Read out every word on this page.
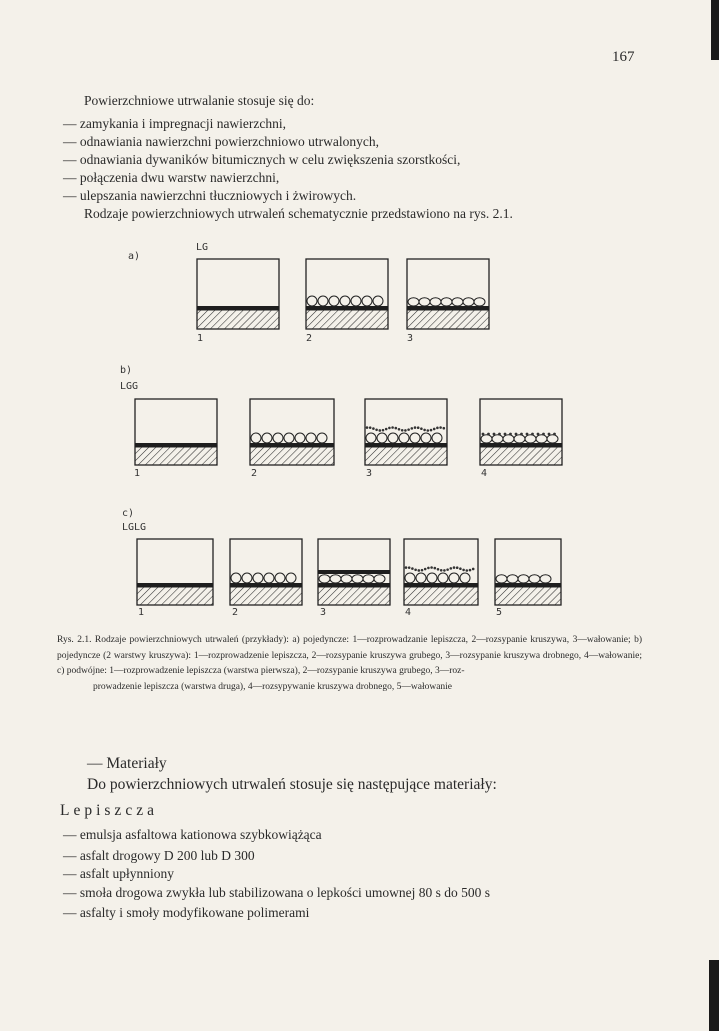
167
Powierzchniowe utrwalanie stosuje się do:
— zamykania i impregnacji nawierzchni,
— odnawiania nawierzchni powierzchniowo utrwalonych,
— odnawiania dywaników bitumicznych w celu zwiększenia szorstkości,
— połączenia dwu warstw nawierzchni,
— ulepszania nawierzchni tłuczniowych i żwirowych.
Rodzaje powierzchniowych utrwaleń schematycznie przedstawiono na rys. 2.1.
a)
LG
b)
LGG
c)
LGLG
1	2	3
1	2	3	4
1	2	3	4	5
Rys. 2.1. Rodzaje powierzchniowych utrwaleń (przykłady): a) pojedyncze: 1—rozprowadzanie lepiszcza, 2—rozsypanie kruszywa, 3—wałowanie; b) pojedyncze (2 warstwy kruszywa): 1—rozprowadzenie lepiszcza, 2—rozsypanie kruszywa grubego, 3—rozsypanie kruszywa drobnego, 4—wałowanie; c) podwójne: 1—rozprowadzenie lepiszcza (warstwa pierwsza), 2—rozsypanie kruszywa grubego, 3—roz-
prowadzenie lepiszcza (warstwa druga), 4—rozsypywanie kruszywa drobnego, 5—wałowanie
— Materiały
Do powierzchniowych utrwaleń stosuje się następujące materiały:
Lepiszcza
— emulsja asfaltowa kationowa szybkowiążąca
— asfalt drogowy D 200 lub D 300
— asfalt upłynniony
— smoła drogowa zwykła lub stabilizowana o lepkości umownej 80 s do 500 s
— asfalty i smoły modyfikowane polimerami
